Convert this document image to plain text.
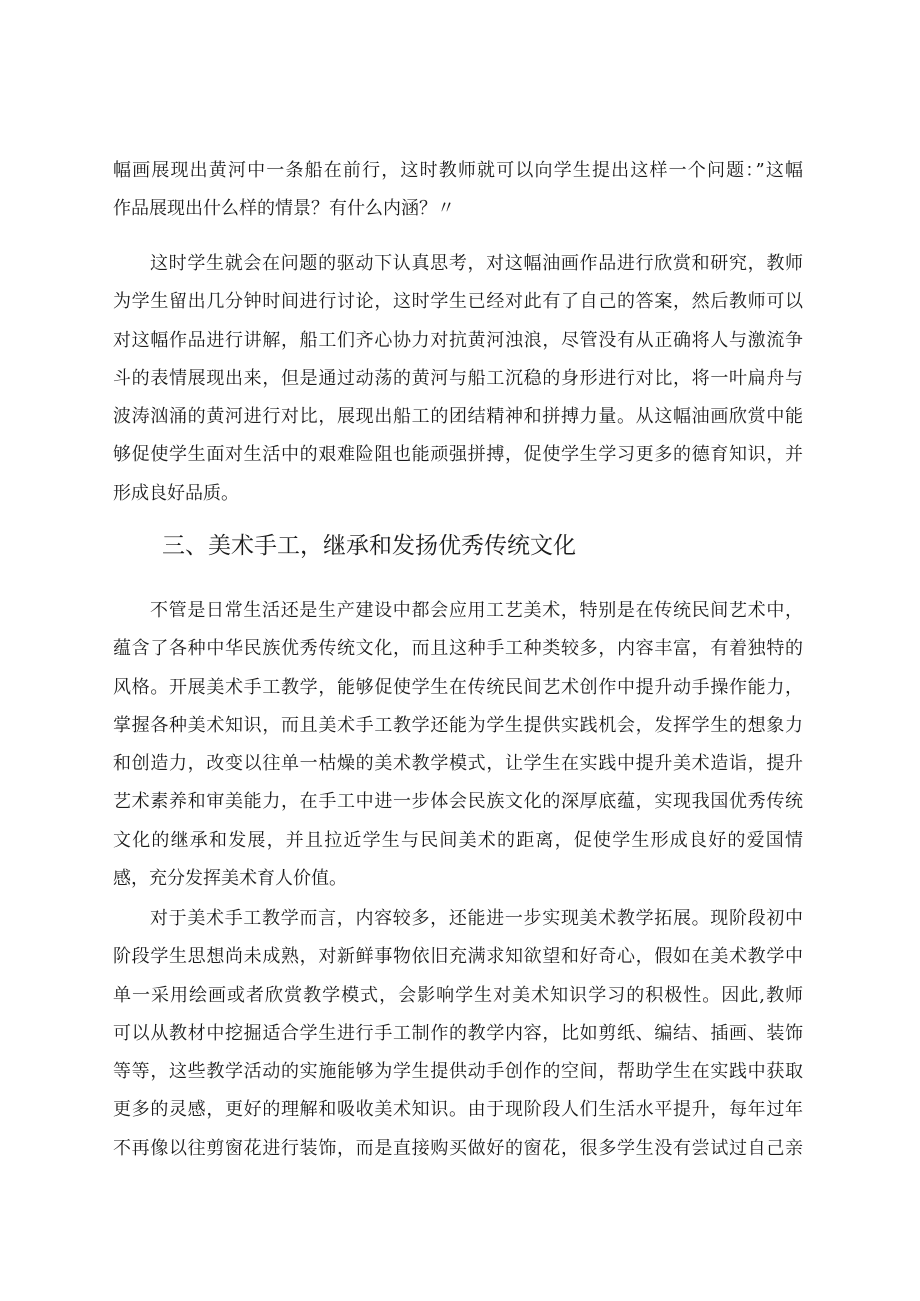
幅画展现出黄河中一条船在前行，这时教师就可以向学生提出这样一个问题：”这幅
作品展现出什么样的情景？有什么内涵？〃
这时学生就会在问题的驱动下认真思考，对这幅油画作品进行欣赏和研究，教师
为学生留出几分钟时间进行讨论，这时学生已经对此有了自己的答案，然后教师可以
对这幅作品进行讲解，船工们齐心协力对抗黄河浊浪，尽管没有从正确将人与激流争
斗的表情展现出来，但是通过动荡的黄河与船工沉稳的身形进行对比，将一叶扁舟与
波涛汹涌的黄河进行对比，展现出船工的团结精神和拼搏力量。从这幅油画欣赏中能
够促使学生面对生活中的艰难险阻也能顽强拼搏，促使学生学习更多的德育知识，并
形成良好品质。
三、美术手工，继承和发扬优秀传统文化
不管是日常生活还是生产建设中都会应用工艺美术，特别是在传统民间艺术中，
蕴含了各种中华民族优秀传统文化，而且这种手工种类较多，内容丰富，有着独特的
风格。开展美术手工教学，能够促使学生在传统民间艺术创作中提升动手操作能力，
掌握各种美术知识，而且美术手工教学还能为学生提供实践机会，发挥学生的想象力
和创造力，改变以往单一枯燥的美术教学模式，让学生在实践中提升美术造诣，提升
艺术素养和审美能力，在手工中进一步体会民族文化的深厚底蕴，实现我国优秀传统
文化的继承和发展，并且拉近学生与民间美术的距离，促使学生形成良好的爱国情
感，充分发挥美术育人价值。
对于美术手工教学而言，内容较多，还能进一步实现美术教学拓展。现阶段初中
阶段学生思想尚未成熟，对新鲜事物依旧充满求知欲望和好奇心，假如在美术教学中
单一采用绘画或者欣赏教学模式，会影响学生对美术知识学习的积极性。因此,教师
可以从教材中挖掘适合学生进行手工制作的教学内容，比如剪纸、编结、插画、装饰
等等，这些教学活动的实施能够为学生提供动手创作的空间，帮助学生在实践中获取
更多的灵感，更好的理解和吸收美术知识。由于现阶段人们生活水平提升，每年过年
不再像以往剪窗花进行装饰，而是直接购买做好的窗花，很多学生没有尝试过自己亲
